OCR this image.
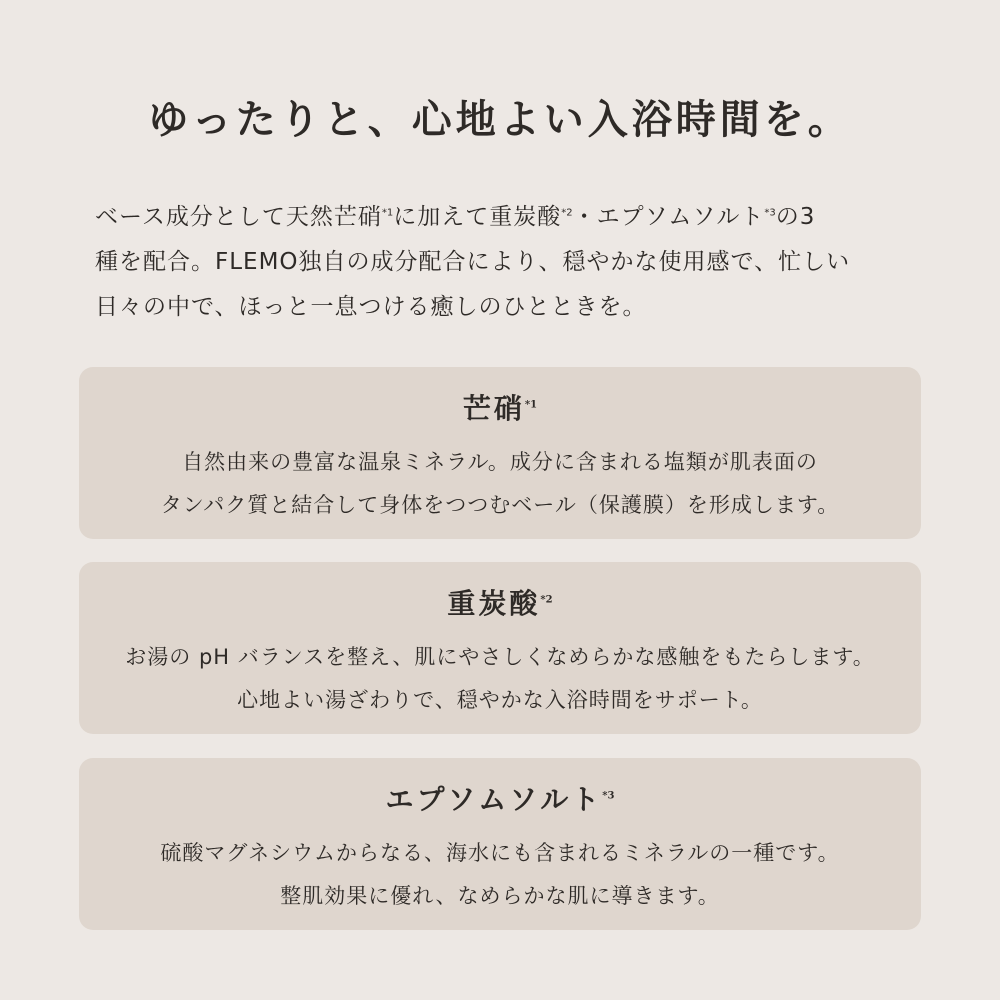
ゆったりと、心地よい入浴時間を。

ベース成分として天然芒硝$^{*1}$に加えて重炭酸$^{*2}$・エプソムソルト$^{*3}$の3
種を配合。FLEMO独自の成分配合により、穏やかな使用感で、忙しい
日々の中で、ほっと一息つける癒しのひとときを。

芒硝$^{*1}$
自然由来の豊富な温泉ミネラル。成分に含まれる塩類が肌表面の
タンパク質と結合して身体をつつむベール（保護膜）を形成します。
重炭酸$^{*2}$
お湯の pH バランスを整え、肌にやさしくなめらかな感触をもたらします。
心地よい湯ざわりで、穏やかな入浴時間をサポート。
エプソムソルト$^{*3}$
硫酸マグネシウムからなる、海水にも含まれるミネラルの一種です。
整肌効果に優れ、なめらかな肌に導きます。
